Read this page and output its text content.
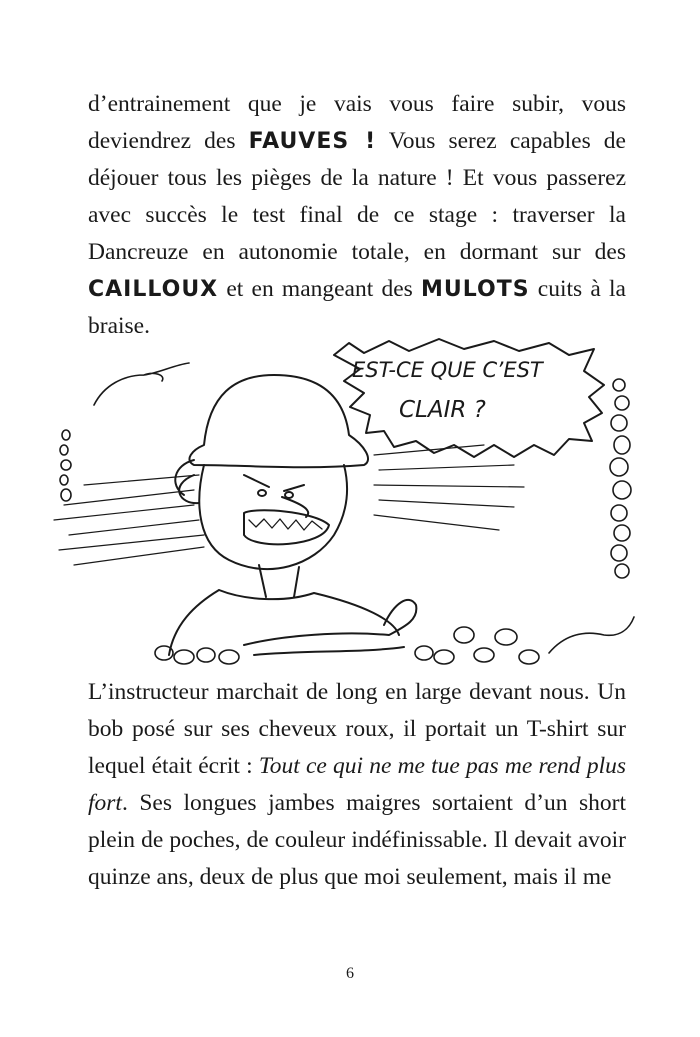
d’entrainement que je vais vous faire subir, vous deviendrez des FAUVES ! Vous serez capables de déjouer tous les pièges de la nature ! Et vous passerez avec succès le test final de ce stage : traverser la Dancreuze en autonomie totale, en dormant sur des CAILLOUX et en mangeant des MULOTS cuits à la braise.

EST-CE QUE C’EST
CLAIR ?

L’instructeur marchait de long en large devant nous. Un bob posé sur ses cheveux roux, il portait un T-shirt sur lequel était écrit : Tout ce qui ne me tue pas me rend plus fort. Ses longues jambes maigres sortaient d’un short plein de poches, de couleur indéfinissable. Il devait avoir quinze ans, deux de plus que moi seulement, mais il me

6
